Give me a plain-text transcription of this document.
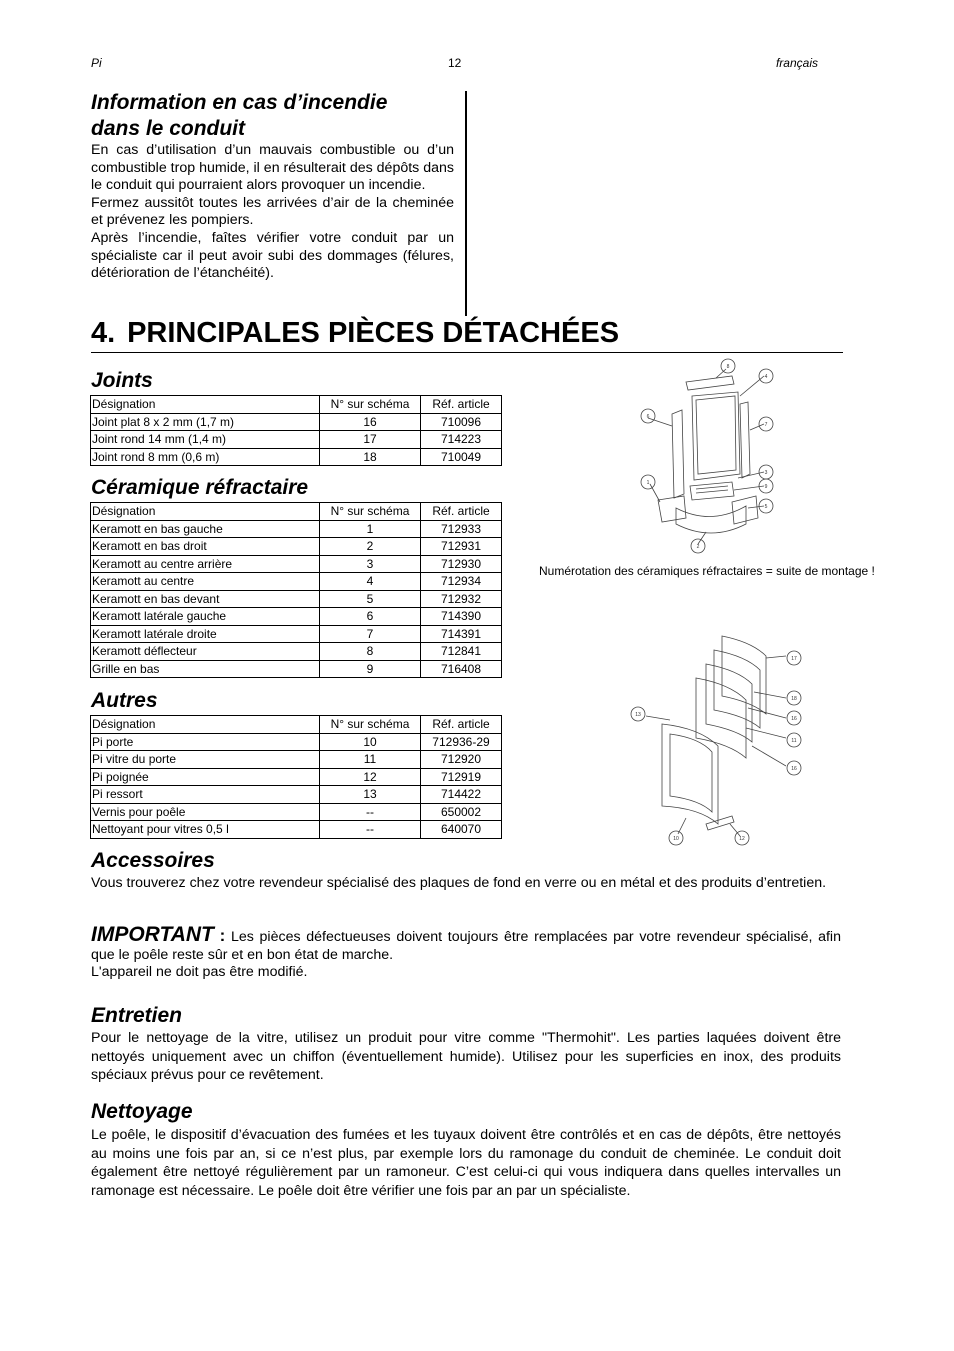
Pi	12	français

Information en cas d’incendie

dans le conduit

En cas d’utilisation d’un mauvais combustible ou d’un combustible trop humide, il en résulterait des dépôts dans le conduit qui pourraient alors provoquer un incendie.

Fermez aussitôt toutes les arrivées d’air de la cheminée et prévenez les pompiers.

Après l’incendie, faîtes vérifier votre conduit par un spécialiste car il peut avoir subi des dommages (félures, détérioration de l’étanchéité).

4. PRINCIPALES PIÈCES DÉTACHÉES
Joints
Désignation	N° sur schéma	Réf. article
Joint plat 8 x 2 mm (1,7 m)	16	710096
Joint rond 14 mm (1,4 m)	17	714223
Joint rond 8 mm (0,6 m)	18	710049
Céramique réfractaire
Désignation	N° sur schéma	Réf. article
Keramott en bas gauche	1	712933
Keramott en bas droit	2	712931
Keramott au centre arrière	3	712930
Keramott au centre	4	712934
Keramott en bas devant	5	712932
Keramott latérale gauche	6	714390
Keramott latérale droite	7	714391
Keramott déflecteur	8	712841
Grille en bas	9	716408
Autres
Désignation	N° sur schéma	Réf. article
Pi porte	10	712936-29
Pi vitre du porte	11	712920
Pi poignée	12	712919
Pi ressort	13	714422
Vernis pour poêle	--	650002
Nettoyant pour vitres 0,5 l	--	640070
8
4
6
7
3
9
1
5
2
Numérotation des céramiques réfractaires = suite de montage !
17
18
16
11
16
13
10	12
Accessoires

Vous trouverez chez votre revendeur spécialisé des plaques de fond en verre ou en métal et des produits d’entretien.

IMPORTANT : Les pièces défectueuses doivent toujours être remplacées par votre revendeur spécialisé, afin que le poêle reste sûr et en bon état de marche.

L'appareil ne doit pas être modifié.

Entretien

Pour le nettoyage de la vitre, utilisez un produit pour vitre comme "Thermohit". Les parties laquées doivent être nettoyés uniquement avec un chiffon (éventuellement humide). Utilisez pour les superficies en inox, des produits spéciaux prévus pour ce revêtement.

Nettoyage

Le poêle, le dispositif d’évacuation des fumées et les tuyaux doivent être contrôlés et en cas de dépôts, être nettoyés au moins une fois par an, si ce n’est plus, par exemple lors du ramonage du conduit de cheminée. Le conduit doit également être nettoyé régulièrement par un ramoneur. C’est celui-ci qui vous indiquera dans quelles intervalles un ramonage est nécessaire. Le poêle doit être vérifier une fois par an par un spécialiste.
